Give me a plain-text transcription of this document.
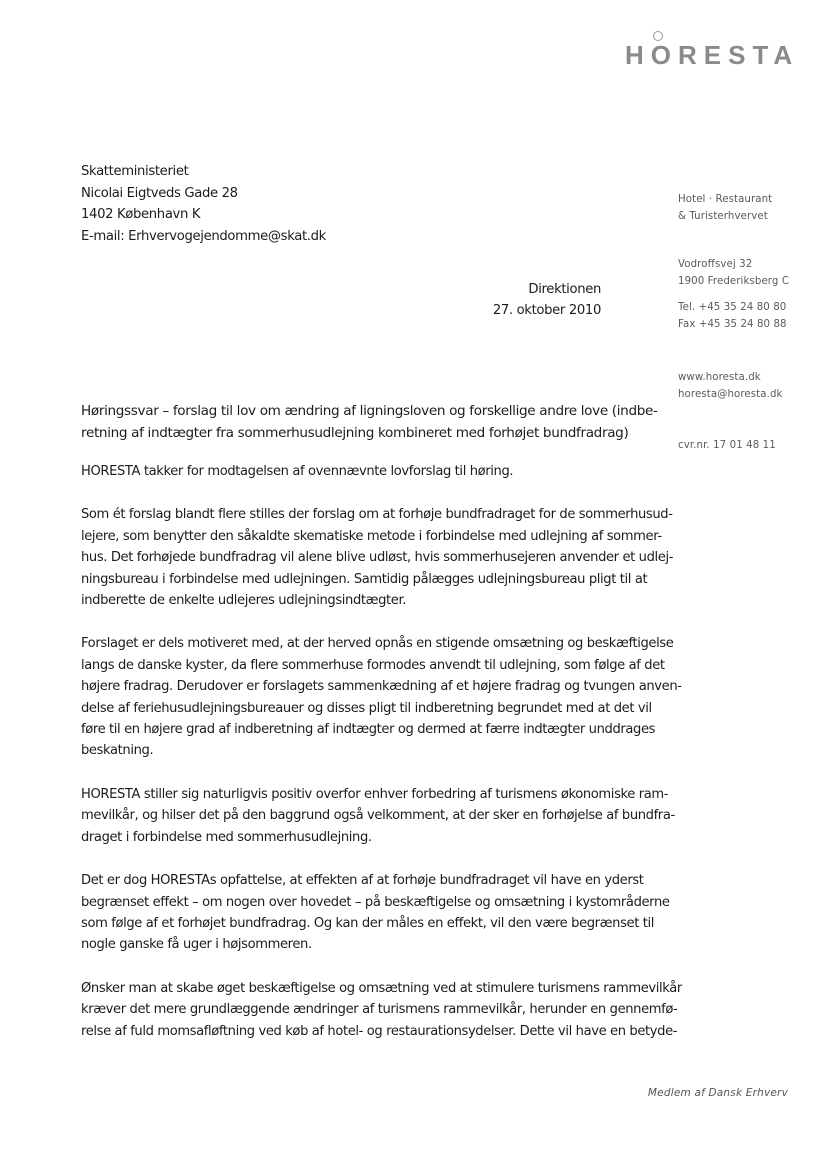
HORESTA
Skatteministeriet
Nicolai Eigtveds Gade 28
1402 København K
E-mail: Erhvervogejendomme@skat.dk
Direktionen
27. oktober 2010
Hotel · Restaurant
& Turisterhvervet
Vodroffsvej 32
1900 Frederiksberg C
Tel. +45 35 24 80 80
Fax +45 35 24 80 88
www.horesta.dk
horesta@horesta.dk
cvr.nr. 17 01 48 11
Høringssvar – forslag til lov om ændring af ligningsloven og forskellige andre love (indbe-
retning af indtægter fra sommerhusudlejning kombineret med forhøjet bundfradrag)
HORESTA takker for modtagelsen af ovennævnte lovforslag til høring.
Som ét forslag blandt flere stilles der forslag om at forhøje bundfradraget for de sommerhusud-
lejere, som benytter den såkaldte skematiske metode i forbindelse med udlejning af sommer-
hus. Det forhøjede bundfradrag vil alene blive udløst, hvis sommerhusejeren anvender et udlej-
ningsbureau i forbindelse med udlejningen. Samtidig pålægges udlejningsbureau pligt til at
indberette de enkelte udlejeres udlejningsindtægter.
Forslaget er dels motiveret med, at der herved opnås en stigende omsætning og beskæftigelse
langs de danske kyster, da flere sommerhuse formodes anvendt til udlejning, som følge af det
højere fradrag. Derudover er forslagets sammenkædning af et højere fradrag og tvungen anven-
delse af feriehusudlejningsbureauer og disses pligt til indberetning begrundet med at det vil
føre til en højere grad af indberetning af indtægter og dermed at færre indtægter unddrages
beskatning.
HORESTA stiller sig naturligvis positiv overfor enhver forbedring af turismens økonomiske ram-
mevilkår, og hilser det på den baggrund også velkomment, at der sker en forhøjelse af bundfra-
draget i forbindelse med sommerhusudlejning.
Det er dog HORESTAs opfattelse, at effekten af at forhøje bundfradraget vil have en yderst
begrænset effekt – om nogen over hovedet – på beskæftigelse og omsætning i kystområderne
som følge af et forhøjet bundfradrag. Og kan der måles en effekt, vil den være begrænset til
nogle ganske få uger i højsommeren.
Ønsker man at skabe øget beskæftigelse og omsætning ved at stimulere turismens rammevilkår
kræver det mere grundlæggende ændringer af turismens rammevilkår, herunder en gennemfø-
relse af fuld momsafløftning ved køb af hotel- og restaurationsydelser. Dette vil have en betyde-
Medlem af Dansk Erhverv
